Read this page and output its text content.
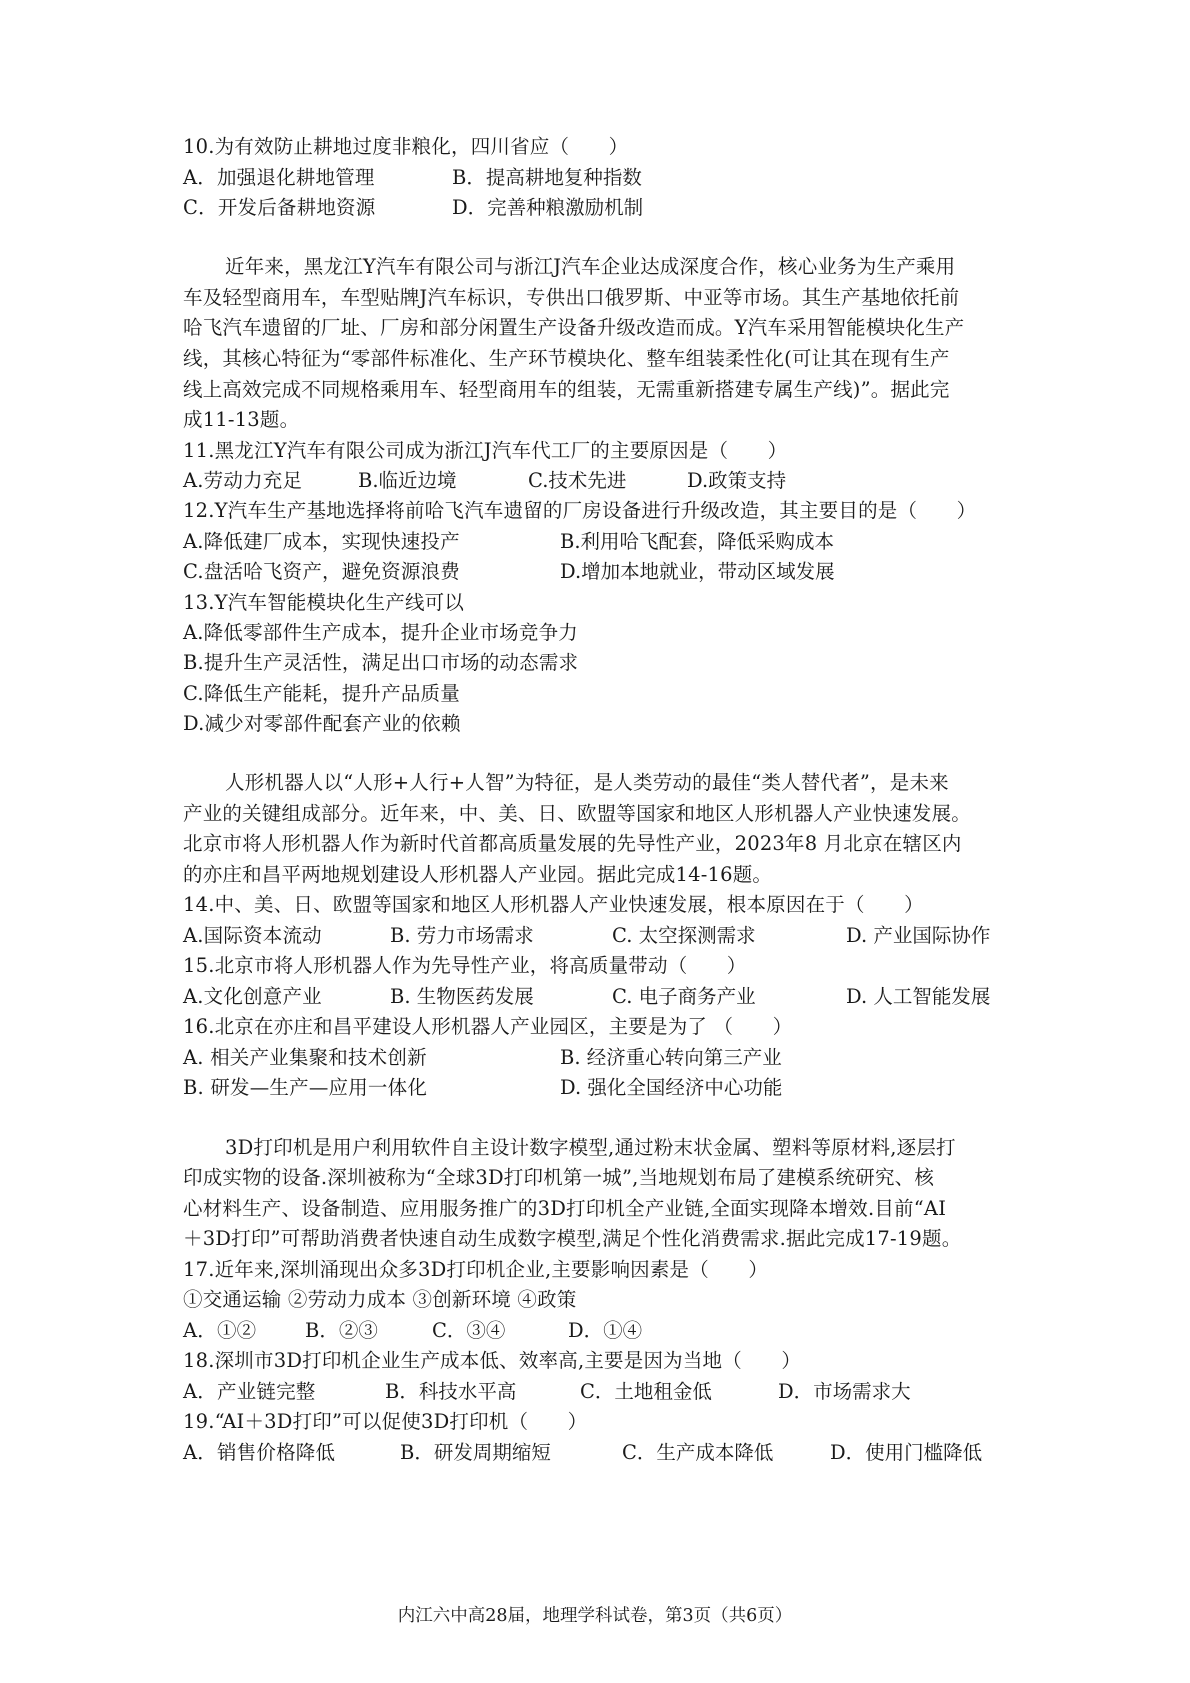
10.为有效防止耕地过度非粮化，四川省应（　　）
A．加强退化耕地管理	B．提高耕地复种指数
C．开发后备耕地资源	D．完善种粮激励机制
近年来，黑龙江Y汽车有限公司与浙江J汽车企业达成深度合作，核心业务为生产乘用
车及轻型商用车，车型贴牌J汽车标识，专供出口俄罗斯、中亚等市场。其生产基地依托前
哈飞汽车遗留的厂址、厂房和部分闲置生产设备升级改造而成。Y汽车采用智能模块化生产
线，其核心特征为“零部件标准化、生产环节模块化、整车组装柔性化(可让其在现有生产
线上高效完成不同规格乘用车、轻型商用车的组装，无需重新搭建专属生产线)”。据此完
成11-13题。
11.黑龙江Y汽车有限公司成为浙江J汽车代工厂的主要原因是（　　）
A.劳动力充足	B.临近边境	C.技术先进	D.政策支持
12.Y汽车生产基地选择将前哈飞汽车遗留的厂房设备进行升级改造，其主要目的是（　　）
A.降低建厂成本，实现快速投产	B.利用哈飞配套，降低采购成本
C.盘活哈飞资产，避免资源浪费	D.增加本地就业，带动区域发展
13.Y汽车智能模块化生产线可以
A.降低零部件生产成本，提升企业市场竞争力
B.提升生产灵活性，满足出口市场的动态需求
C.降低生产能耗，提升产品质量
D.减少对零部件配套产业的依赖
人形机器人以“人形+人行+人智”为特征，是人类劳动的最佳“类人替代者”，是未来
产业的关键组成部分。近年来，中、美、日、欧盟等国家和地区人形机器人产业快速发展。
北京市将人形机器人作为新时代首都高质量发展的先导性产业，2023年8 月北京在辖区内
的亦庄和昌平两地规划建设人形机器人产业园。据此完成14-16题。
14.中、美、日、欧盟等国家和地区人形机器人产业快速发展，根本原因在于（　　）
A.国际资本流动	B. 劳力市场需求	C. 太空探测需求	D. 产业国际协作
15.北京市将人形机器人作为先导性产业，将高质量带动（　　）
A.文化创意产业	B. 生物医药发展	C. 电子商务产业	D. 人工智能发展
16.北京在亦庄和昌平建设人形机器人产业园区，主要是为了 （　　）
A. 相关产业集聚和技术创新	B. 经济重心转向第三产业
B. 研发—生产—应用一体化	D. 强化全国经济中心功能
3D打印机是用户利用软件自主设计数字模型,通过粉末状金属、塑料等原材料,逐层打
印成实物的设备.深圳被称为“全球3D打印机第一城”,当地规划布局了建模系统研究、核
心材料生产、设备制造、应用服务推广的3D打印机全产业链,全面实现降本增效.目前“AI
＋3D打印”可帮助消费者快速自动生成数字模型,满足个性化消费需求.据此完成17-19题。
17.近年来,深圳涌现出众多3D打印机企业,主要影响因素是（　　）
①交通运输 ②劳动力成本 ③创新环境 ④政策
A．①② B．②③	C．③④	D．①④
18.深圳市3D打印机企业生产成本低、效率高,主要是因为当地（　　）
A．产业链完整	B．科技水平高	C．土地租金低	D．市场需求大
19.“AI＋3D打印”可以促使3D打印机（　　）
A．销售价格降低	B．研发周期缩短	C．生产成本降低	D．使用门槛降低
内江六中高28届，地理学科试卷，第3页（共6页）
